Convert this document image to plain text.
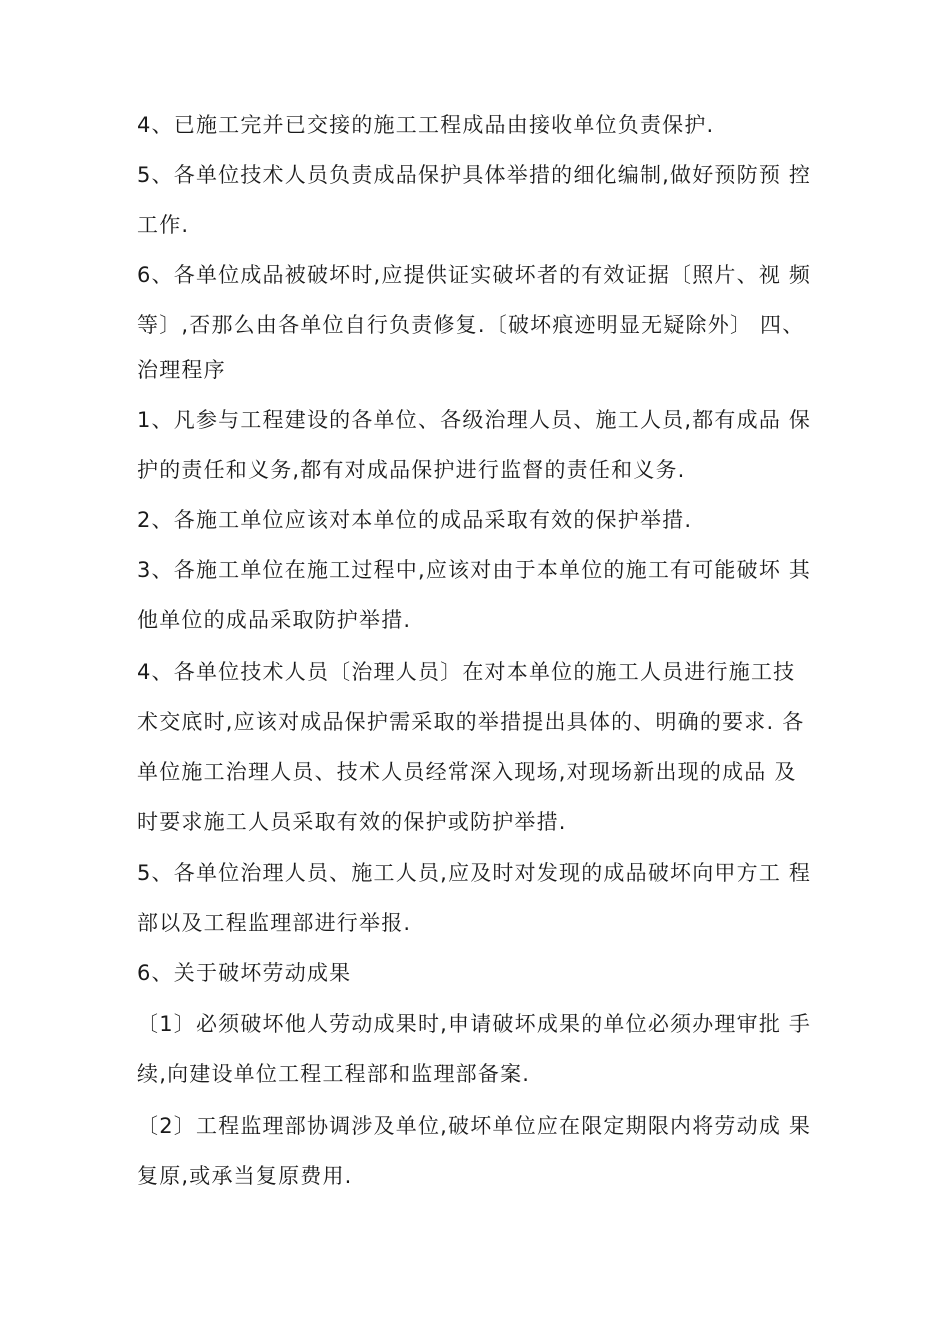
4、已施工完并已交接的施工工程成品由接收单位负责保护.
5、各单位技术人员负责成品保护具体举措的细化编制,做好预防预 控
工作.
6、各单位成品被破坏时,应提供证实破坏者的有效证据〔照片、视 频
等〕,否那么由各单位自行负责修复.〔破坏痕迹明显无疑除外〕 四、
治理程序
1、凡参与工程建设的各单位、各级治理人员、施工人员,都有成品 保
护的责任和义务,都有对成品保护进行监督的责任和义务.
2、各施工单位应该对本单位的成品采取有效的保护举措.
3、各施工单位在施工过程中,应该对由于本单位的施工有可能破坏 其
他单位的成品采取防护举措.
4、各单位技术人员〔治理人员〕在对本单位的施工人员进行施工技
术交底时,应该对成品保护需采取的举措提出具体的、明确的要求. 各
单位施工治理人员、技术人员经常深入现场,对现场新出现的成品 及
时要求施工人员采取有效的保护或防护举措.
5、各单位治理人员、施工人员,应及时对发现的成品破坏向甲方工 程
部以及工程监理部进行举报.
6、关于破坏劳动成果
〔1〕必须破坏他人劳动成果时,申请破坏成果的单位必须办理审批 手
续,向建设单位工程工程部和监理部备案.
〔2〕工程监理部协调涉及单位,破坏单位应在限定期限内将劳动成 果
复原,或承当复原费用.
